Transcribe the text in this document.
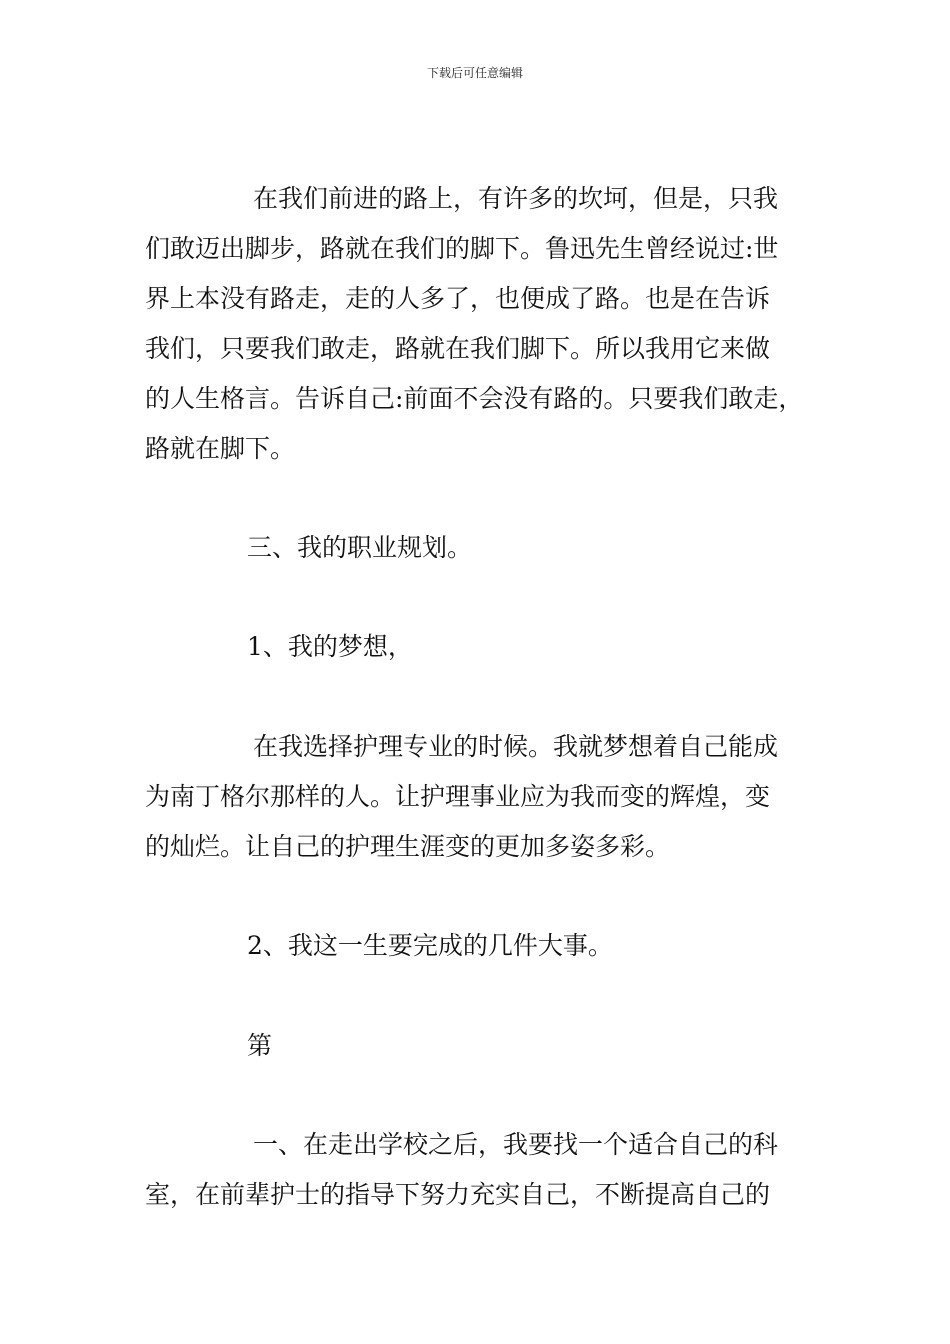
下载后可任意编辑
在我们前进的路上，有许多的坎坷，但是，只我
们敢迈出脚步，路就在我们的脚下。鲁迅先生曾经说过:世
界上本没有路走，走的人多了，也便成了路。也是在告诉
我们，只要我们敢走，路就在我们脚下。所以我用它来做
的人生格言。告诉自己:前面不会没有路的。只要我们敢走，
路就在脚下。
三、我的职业规划。
1、我的梦想，
在我选择护理专业的时候。我就梦想着自己能成
为南丁格尔那样的人。让护理事业应为我而变的辉煌，变
的灿烂。让自己的护理生涯变的更加多姿多彩。
2、我这一生要完成的几件大事。
第
一、在走出学校之后，我要找一个适合自己的科
室，在前辈护士的指导下努力充实自己，不断提高自己的
